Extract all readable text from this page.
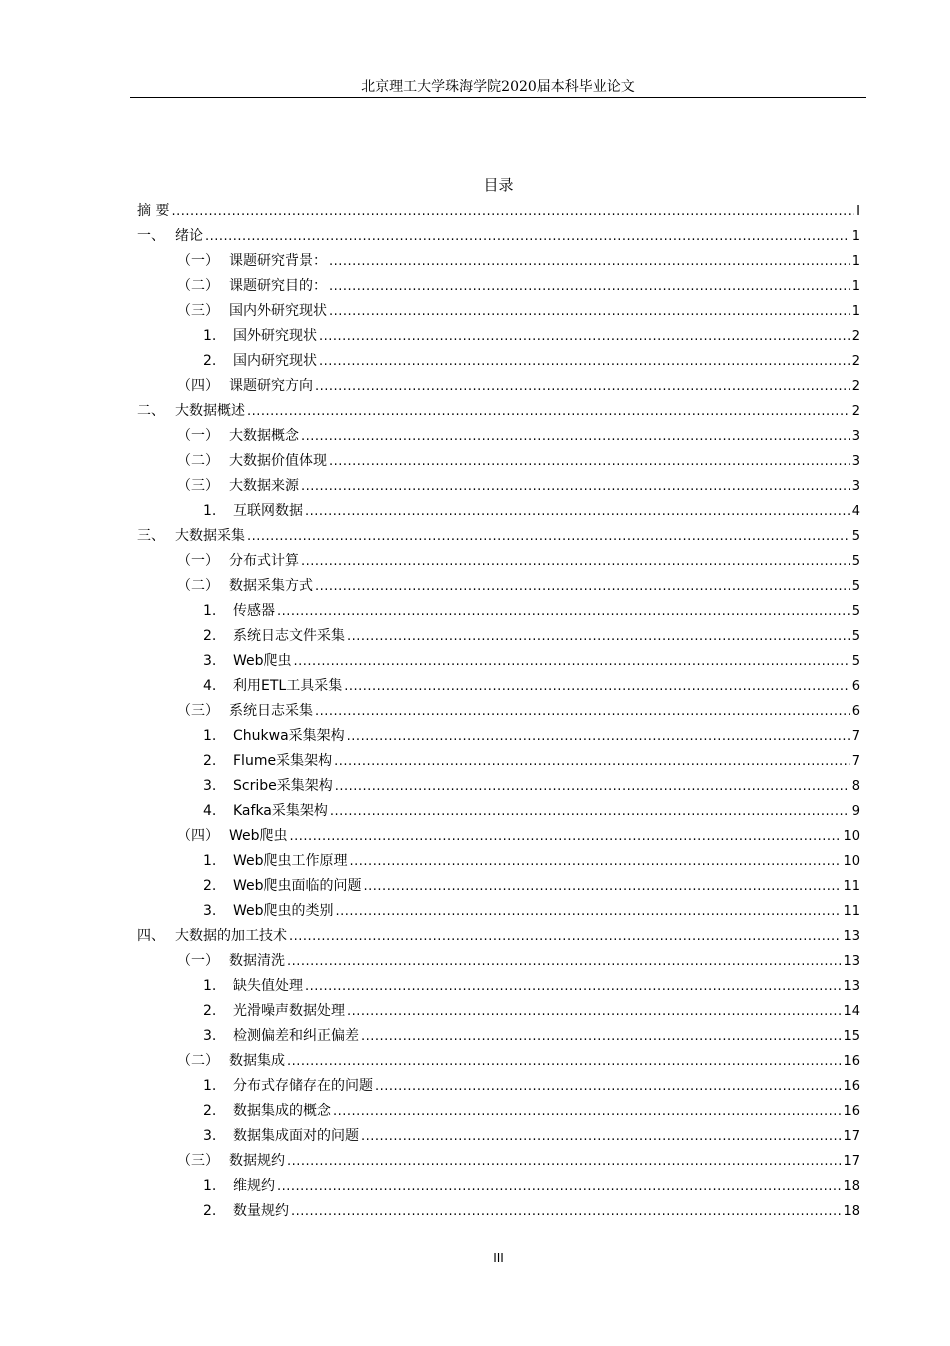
北京理工大学珠海学院2020届本科毕业论文
目录
摘 要 .....	I
一、 绪论 .....	1
（一） 课题研究背景： .....	1
（二） 课题研究目的： .....	1
（三） 国内外研究现状 .....	1
1.	国外研究现状 .....	2
2.	国内研究现状 .....	2
（四） 课题研究方向 .....	2
二、 大数据概述 .....	2
（一） 大数据概念 .....	3
（二） 大数据价值体现 .....	3
（三） 大数据来源 .....	3
1.	互联网数据 .....	4
三、 大数据采集 .....	5
（一） 分布式计算 .....	5
（二） 数据采集方式 .....	5
1.	传感器 .....	5
2.	系统日志文件采集 .....	5
3.	Web爬虫 .....	5
4.	利用ETL工具采集 .....	6
（三） 系统日志采集 .....	6
1.	Chukwa采集架构 .....	7
2.	Flume采集架构 .....	7
3.	Scribe采集架构 .....	8
4.	Kafka采集架构 .....	9
（四） Web爬虫 .....	10
1.	Web爬虫工作原理 .....	10
2.	Web爬虫面临的问题 .....	11
3.	Web爬虫的类别 .....	11
四、 大数据的加工技术 .....	13
（一） 数据清洗 .....	13
1.	缺失值处理 .....	13
2.	光滑噪声数据处理 .....	14
3.	检测偏差和纠正偏差 .....	15
（二） 数据集成 .....	16
1.	分布式存储存在的问题 .....	16
2.	数据集成的概念 .....	16
3.	数据集成面对的问题 .....	17
（三） 数据规约 .....	17
1.	维规约 .....	18
2.	数量规约 .....	18
III
